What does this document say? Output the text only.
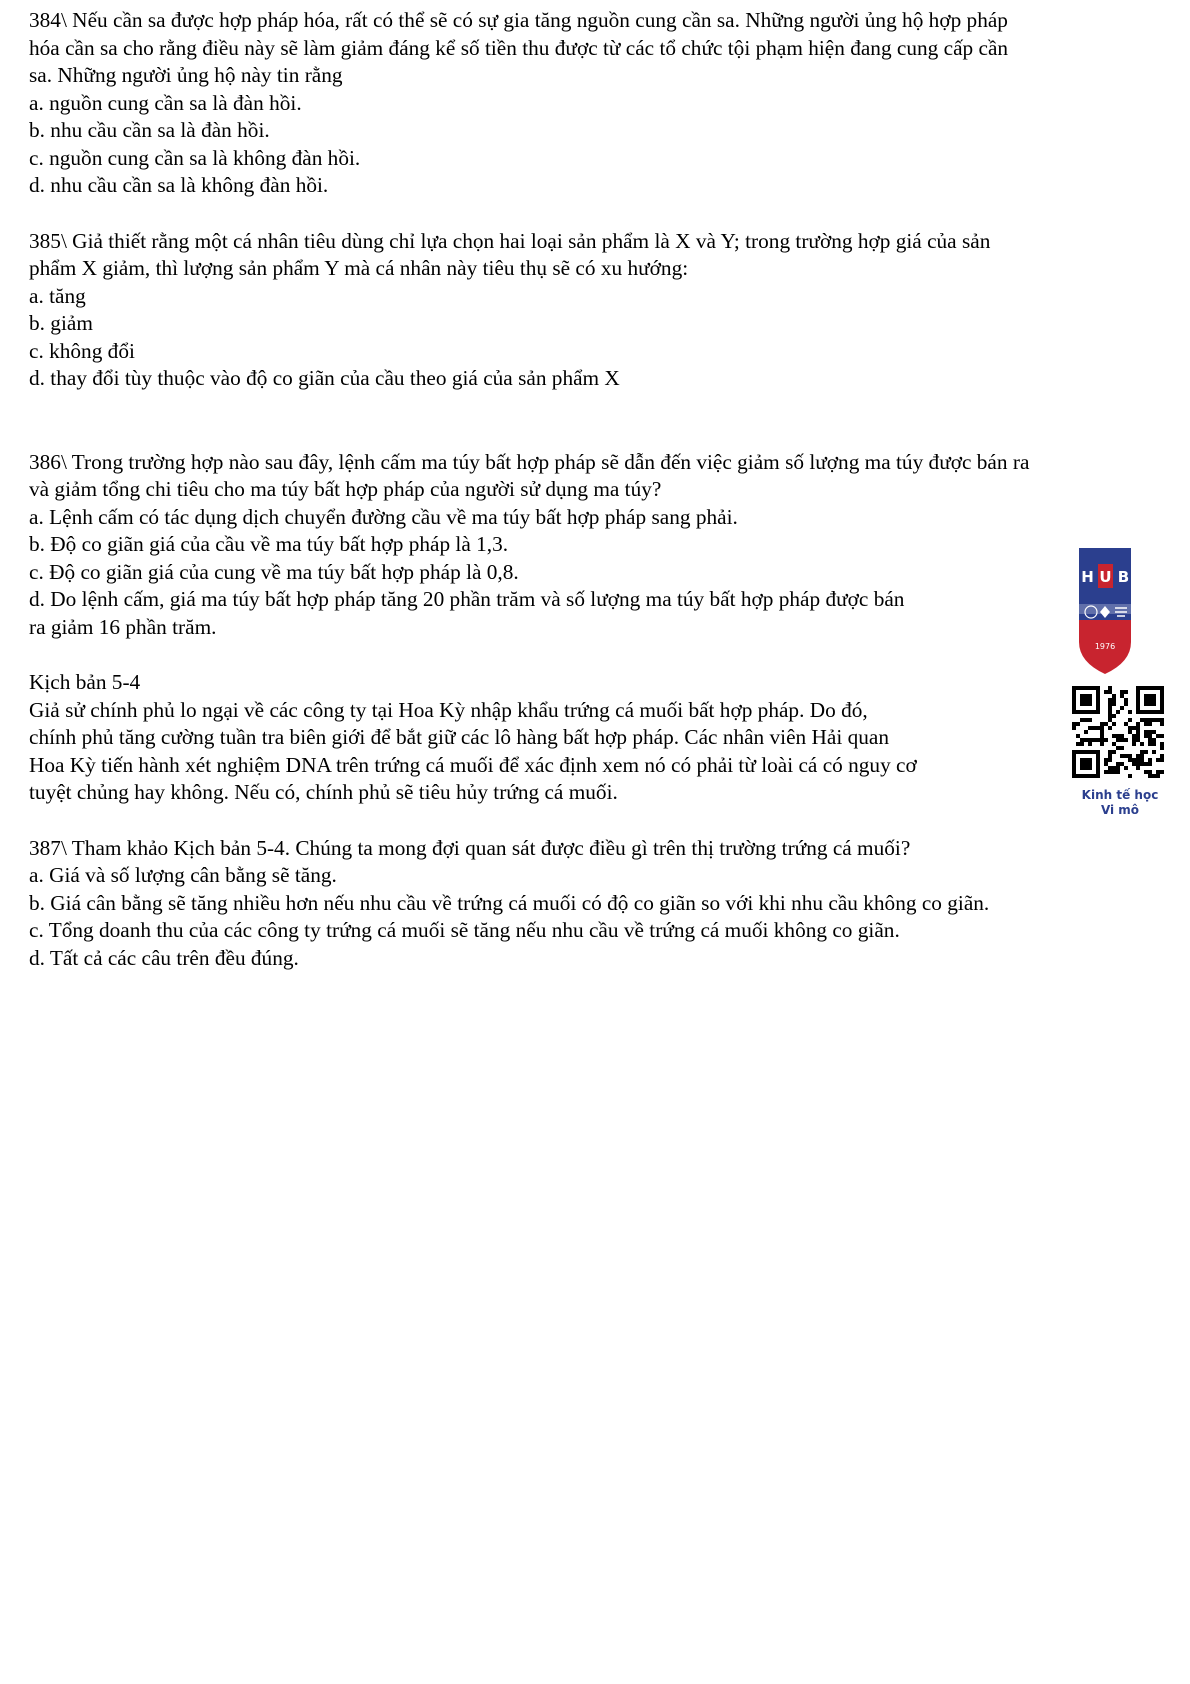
384\ Nếu cần sa được hợp pháp hóa, rất có thể sẽ có sự gia tăng nguồn cung cần sa. Những người ủng hộ hợp pháp
hóa cần sa cho rằng điều này sẽ làm giảm đáng kể số tiền thu được từ các tổ chức tội phạm hiện đang cung cấp cần
sa. Những người ủng hộ này tin rằng
a. nguồn cung cần sa là đàn hồi.
b. nhu cầu cần sa là đàn hồi.
c. nguồn cung cần sa là không đàn hồi.
d. nhu cầu cần sa là không đàn hồi.
385\ Giả thiết rằng một cá nhân tiêu dùng chỉ lựa chọn hai loại sản phẩm là X và Y; trong trường hợp giá của sản
phẩm X giảm, thì lượng sản phẩm Y mà cá nhân này tiêu thụ sẽ có xu hướng:
a. tăng
b. giảm
c. không đổi
d. thay đổi tùy thuộc vào độ co giãn của cầu theo giá của sản phẩm X
386\ Trong trường hợp nào sau đây, lệnh cấm ma túy bất hợp pháp sẽ dẫn đến việc giảm số lượng ma túy được bán ra
và giảm tổng chi tiêu cho ma túy bất hợp pháp của người sử dụng ma túy?
a. Lệnh cấm có tác dụng dịch chuyển đường cầu về ma túy bất hợp pháp sang phải.
b. Độ co giãn giá của cầu về ma túy bất hợp pháp là 1,3.
c. Độ co giãn giá của cung về ma túy bất hợp pháp là 0,8.
d. Do lệnh cấm, giá ma túy bất hợp pháp tăng 20 phần trăm và số lượng ma túy bất hợp pháp được bán
ra giảm 16 phần trăm.
Kịch bản 5-4
Giả sử chính phủ lo ngại về các công ty tại Hoa Kỳ nhập khẩu trứng cá muối bất hợp pháp. Do đó,
chính phủ tăng cường tuần tra biên giới để bắt giữ các lô hàng bất hợp pháp. Các nhân viên Hải quan
Hoa Kỳ tiến hành xét nghiệm DNA trên trứng cá muối để xác định xem nó có phải từ loài cá có nguy cơ
tuyệt chủng hay không. Nếu có, chính phủ sẽ tiêu hủy trứng cá muối.
387\ Tham khảo Kịch bản 5-4. Chúng ta mong đợi quan sát được điều gì trên thị trường trứng cá muối?
a. Giá và số lượng cân bằng sẽ tăng.
b. Giá cân bằng sẽ tăng nhiều hơn nếu nhu cầu về trứng cá muối có độ co giãn so với khi nhu cầu không co giãn.
c. Tổng doanh thu của các công ty trứng cá muối sẽ tăng nếu nhu cầu về trứng cá muối không co giãn.
d. Tất cả các câu trên đều đúng.
H U B
1976
Kinh tế học
Vi mô
